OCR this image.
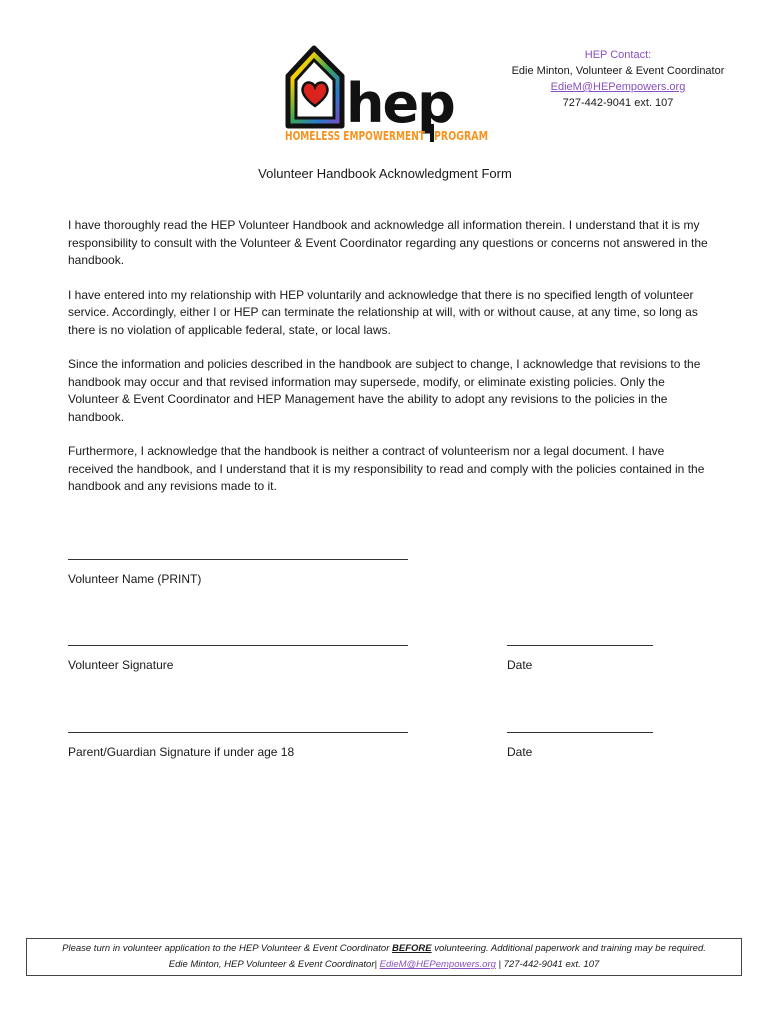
hep
HOMELESS EMPOWERMENT PROGRAM
HEP Contact:
Edie Minton, Volunteer & Event Coordinator
EdieM@HEPempowers.org
727-442-9041 ext. 107
Volunteer Handbook Acknowledgment Form

I have thoroughly read the HEP Volunteer Handbook and acknowledge all information therein. I understand that it is my responsibility to consult with the Volunteer & Event Coordinator regarding any questions or concerns not answered in the handbook.

I have entered into my relationship with HEP voluntarily and acknowledge that there is no specified length of volunteer service. Accordingly, either I or HEP can terminate the relationship at will, with or without cause, at any time, so long as there is no violation of applicable federal, state, or local laws.

Since the information and policies described in the handbook are subject to change, I acknowledge that revisions to the handbook may occur and that revised information may supersede, modify, or eliminate existing policies. Only the Volunteer & Event Coordinator and HEP Management have the ability to adopt any revisions to the policies in the handbook.

Furthermore, I acknowledge that the handbook is neither a contract of volunteerism nor a legal document. I have received the handbook, and I understand that it is my responsibility to read and comply with the policies contained in the handbook and any revisions made to it.

Volunteer Name (PRINT)
Volunteer Signature	Date
Parent/Guardian Signature if under age 18	Date
Please turn in volunteer application to the HEP Volunteer & Event Coordinator BEFORE volunteering. Additional paperwork and training may be required.
Edie Minton, HEP Volunteer & Event Coordinator| EdieM@HEPempowers.org | 727-442-9041 ext. 107
